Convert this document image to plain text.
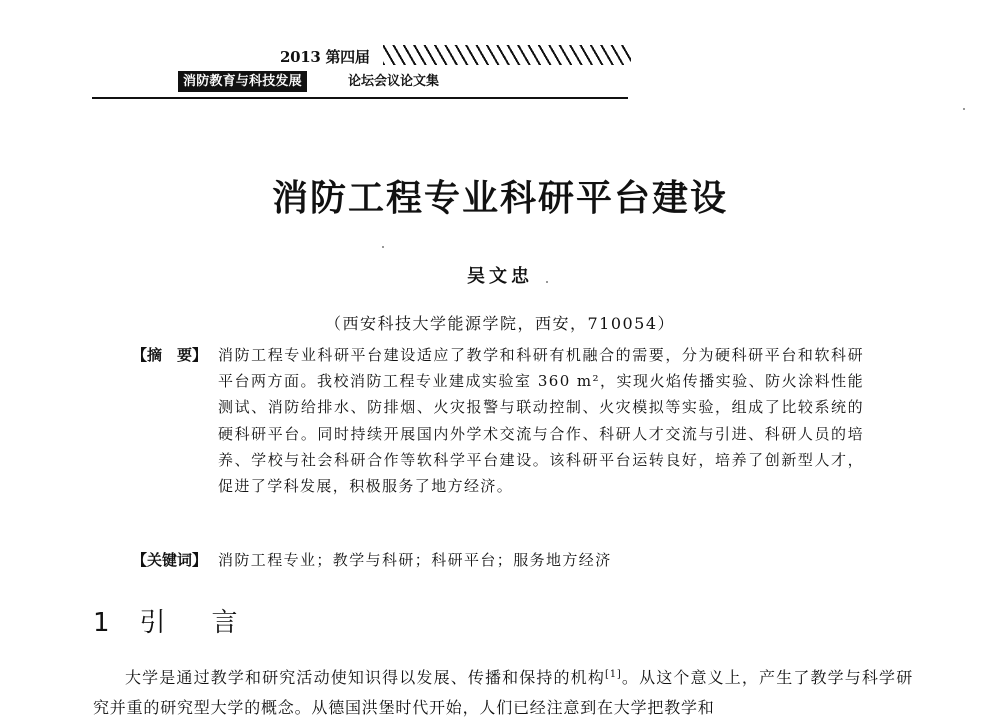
2013 第四届
消防教育与科技发展	论坛会议论文集
消防工程专业科研平台建设
吴文忠
（西安科技大学能源学院，西安，710054）
【摘　要】 消防工程专业科研平台建设适应了教学和科研有机融合的需要，分为硬科研平台和软科研平台两方面。我校消防工程专业建成实验室 360 m²，实现火焰传播实验、防火涂料性能测试、消防给排水、防排烟、火灾报警与联动控制、火灾模拟等实验，组成了比较系统的硬科研平台。同时持续开展国内外学术交流与合作、科研人才交流与引进、科研人员的培养、学校与社会科研合作等软科学平台建设。该科研平台运转良好，培养了创新型人才，促进了学科发展，积极服务了地方经济。
【关键词】 消防工程专业；教学与科研；科研平台；服务地方经济
1 引　言
大学是通过教学和研究活动使知识得以发展、传播和保持的机构[1]。从这个意义上，产生了教学与科学研究并重的研究型大学的概念。从德国洪堡时代开始，人们已经注意到在大学把教学和
